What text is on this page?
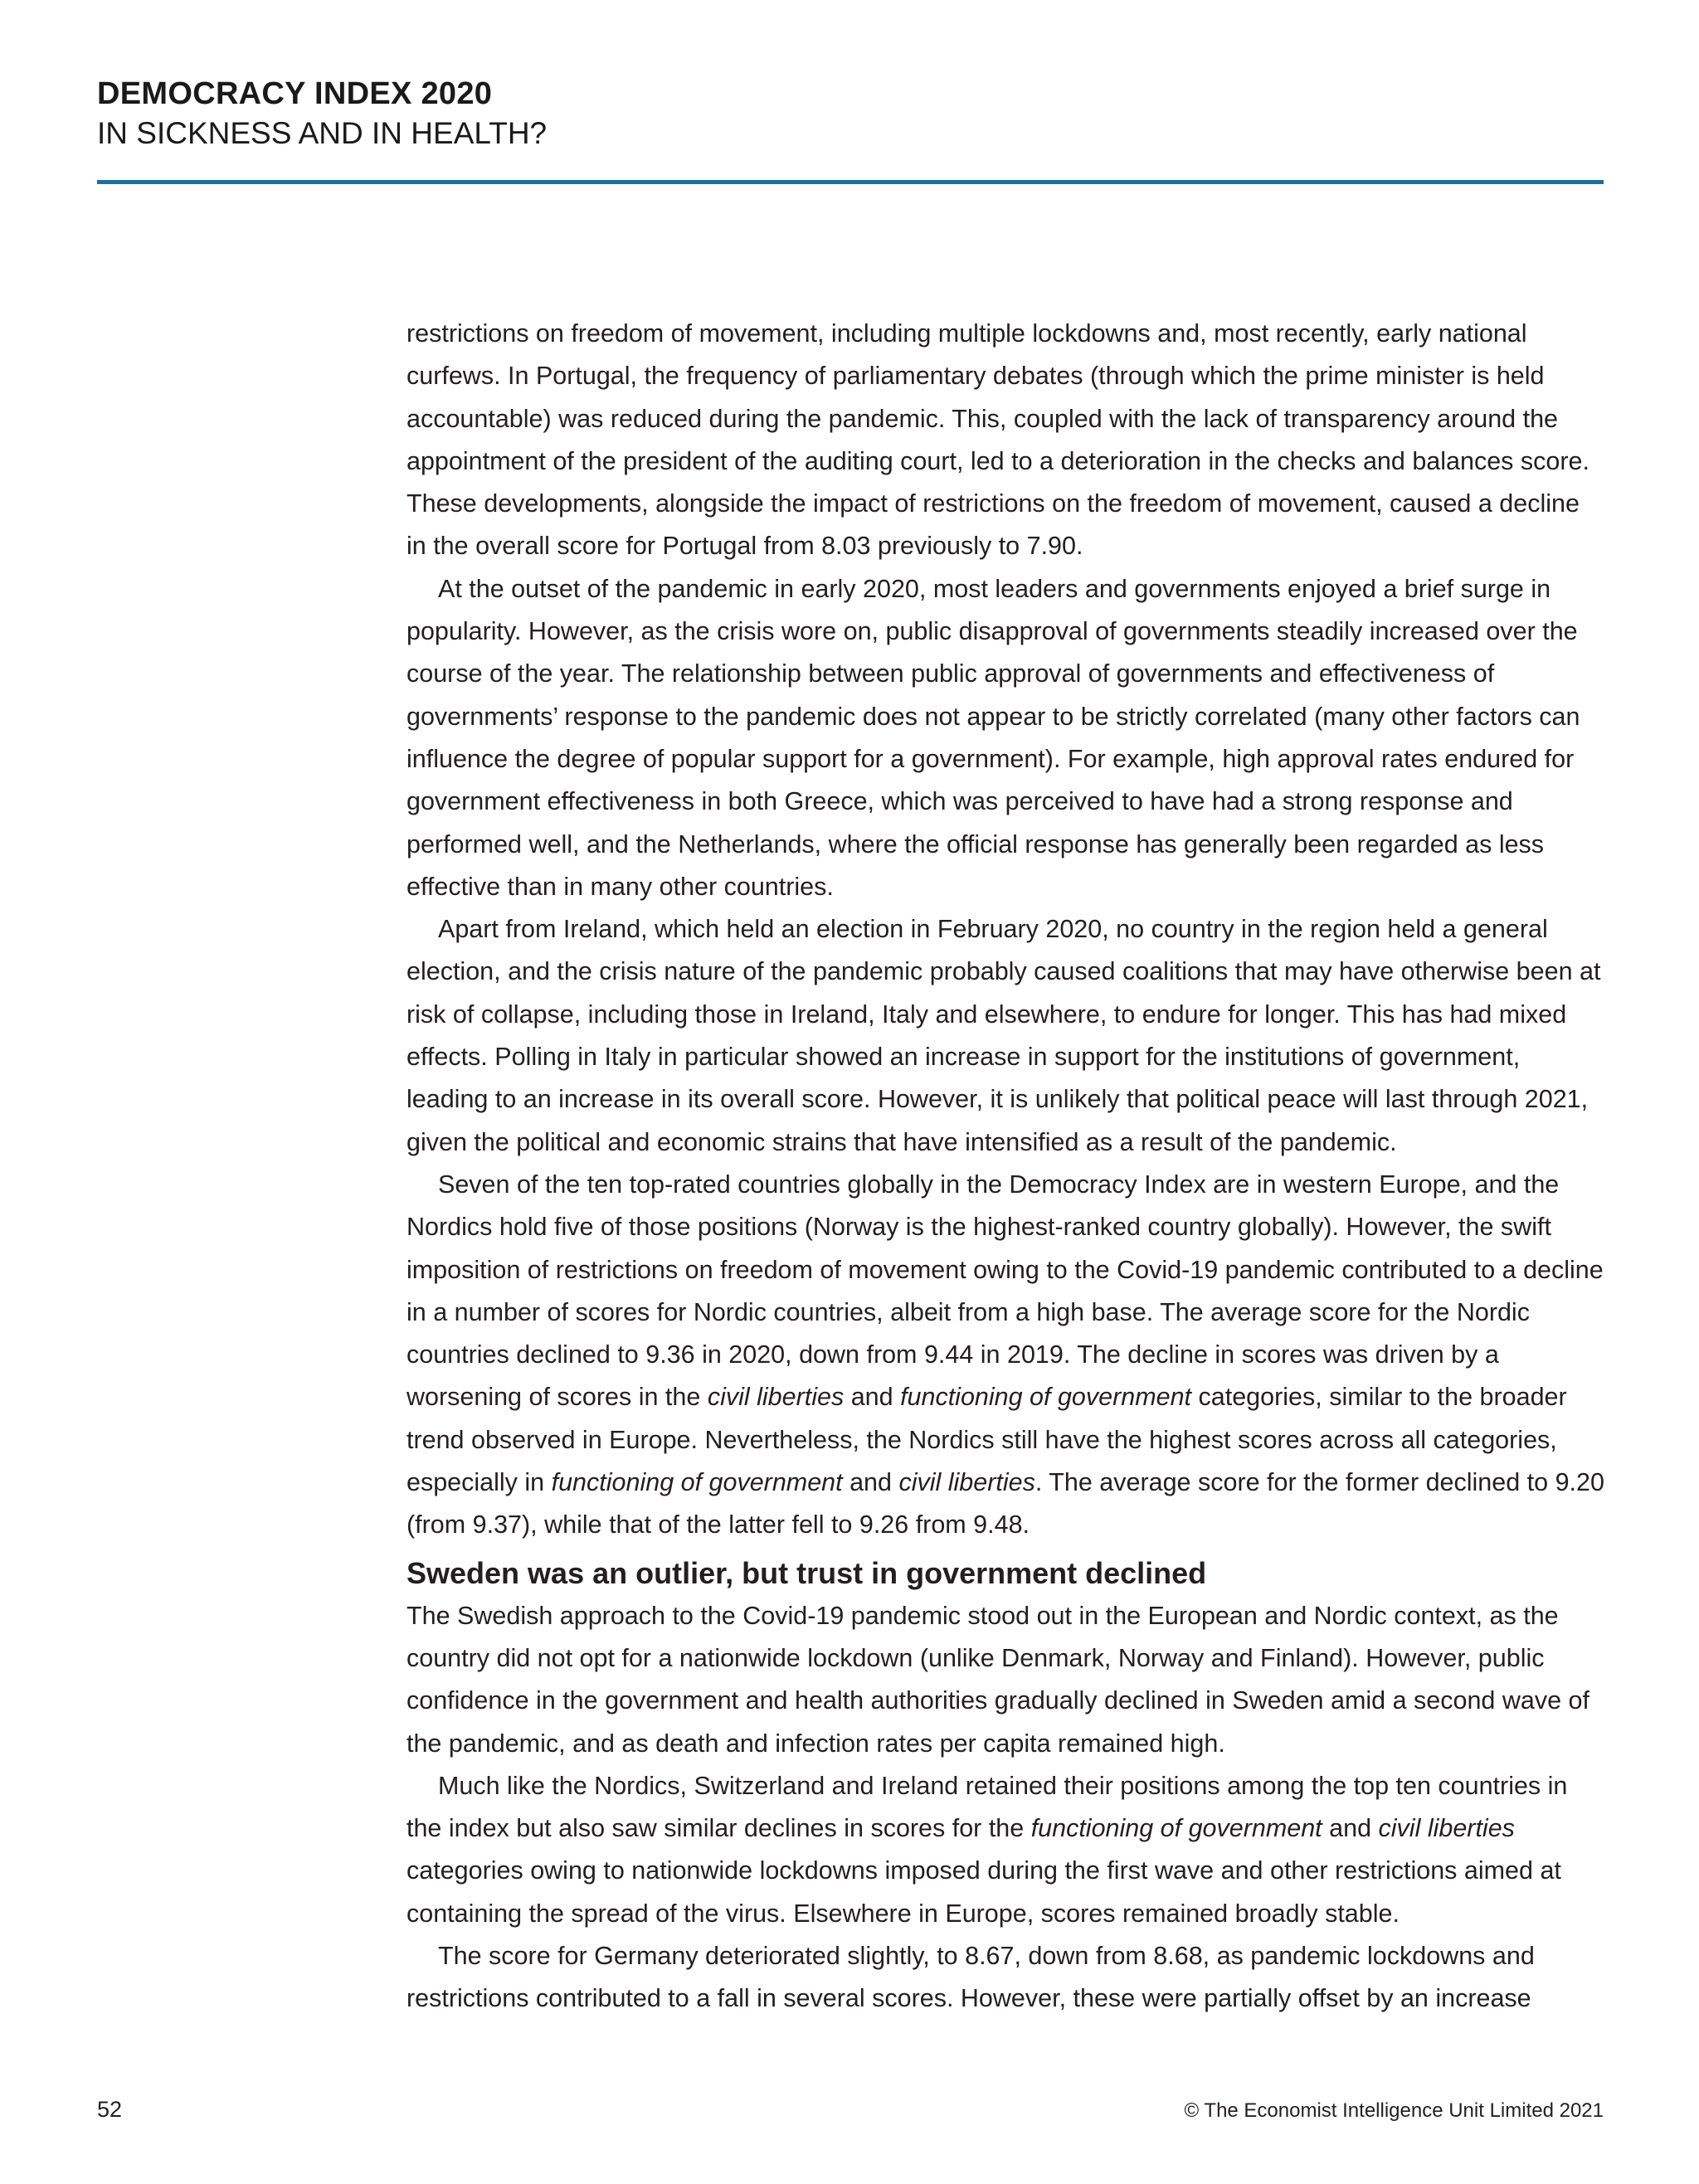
DEMOCRACY INDEX 2020
IN SICKNESS AND IN HEALTH?

restrictions on freedom of movement, including multiple lockdowns and, most recently, early national curfews. In Portugal, the frequency of parliamentary debates (through which the prime minister is held accountable) was reduced during the pandemic. This, coupled with the lack of transparency around the appointment of the president of the auditing court, led to a deterioration in the checks and balances score. These developments, alongside the impact of restrictions on the freedom of movement, caused a decline in the overall score for Portugal from 8.03 previously to 7.90.

At the outset of the pandemic in early 2020, most leaders and governments enjoyed a brief surge in popularity. However, as the crisis wore on, public disapproval of governments steadily increased over the course of the year. The relationship between public approval of governments and effectiveness of governments’ response to the pandemic does not appear to be strictly correlated (many other factors can influence the degree of popular support for a government). For example, high approval rates endured for government effectiveness in both Greece, which was perceived to have had a strong response and performed well, and the Netherlands, where the official response has generally been regarded as less effective than in many other countries.

Apart from Ireland, which held an election in February 2020, no country in the region held a general election, and the crisis nature of the pandemic probably caused coalitions that may have otherwise been at risk of collapse, including those in Ireland, Italy and elsewhere, to endure for longer. This has had mixed effects. Polling in Italy in particular showed an increase in support for the institutions of government, leading to an increase in its overall score. However, it is unlikely that political peace will last through 2021, given the political and economic strains that have intensified as a result of the pandemic.

Seven of the ten top-rated countries globally in the Democracy Index are in western Europe, and the Nordics hold five of those positions (Norway is the highest-ranked country globally). However, the swift imposition of restrictions on freedom of movement owing to the Covid-19 pandemic contributed to a decline in a number of scores for Nordic countries, albeit from a high base. The average score for the Nordic countries declined to 9.36 in 2020, down from 9.44 in 2019. The decline in scores was driven by a worsening of scores in the civil liberties and functioning of government categories, similar to the broader trend observed in Europe. Nevertheless, the Nordics still have the highest scores across all categories, especially in functioning of government and civil liberties. The average score for the former declined to 9.20 (from 9.37), while that of the latter fell to 9.26 from 9.48.

Sweden was an outlier, but trust in government declined

The Swedish approach to the Covid-19 pandemic stood out in the European and Nordic context, as the country did not opt for a nationwide lockdown (unlike Denmark, Norway and Finland). However, public confidence in the government and health authorities gradually declined in Sweden amid a second wave of the pandemic, and as death and infection rates per capita remained high.

Much like the Nordics, Switzerland and Ireland retained their positions among the top ten countries in the index but also saw similar declines in scores for the functioning of government and civil liberties categories owing to nationwide lockdowns imposed during the first wave and other restrictions aimed at containing the spread of the virus. Elsewhere in Europe, scores remained broadly stable.

The score for Germany deteriorated slightly, to 8.67, down from 8.68, as pandemic lockdowns and restrictions contributed to a fall in several scores. However, these were partially offset by an increase

52	© The Economist Intelligence Unit Limited 2021
